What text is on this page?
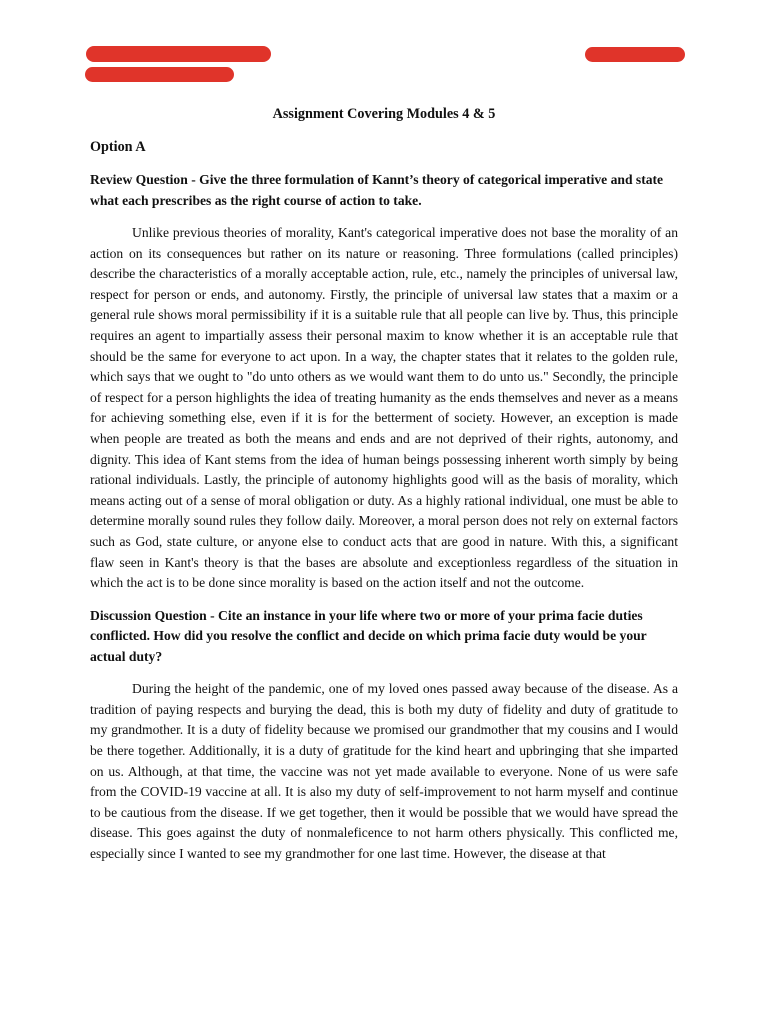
Assignment Covering Modules 4 & 5
Option A
Review Question - Give the three formulation of Kannt’s theory of categorical imperative and state what each prescribes as the right course of action to take.

Unlike previous theories of morality, Kant's categorical imperative does not base the morality of an action on its consequences but rather on its nature or reasoning. Three formulations (called principles) describe the characteristics of a morally acceptable action, rule, etc., namely the principles of universal law, respect for person or ends, and autonomy. Firstly, the principle of universal law states that a maxim or a general rule shows moral permissibility if it is a suitable rule that all people can live by. Thus, this principle requires an agent to impartially assess their personal maxim to know whether it is an acceptable rule that should be the same for everyone to act upon. In a way, the chapter states that it relates to the golden rule, which says that we ought to "do unto others as we would want them to do unto us." Secondly, the principle of respect for a person highlights the idea of treating humanity as the ends themselves and never as a means for achieving something else, even if it is for the betterment of society. However, an exception is made when people are treated as both the means and ends and are not deprived of their rights, autonomy, and dignity. This idea of Kant stems from the idea of human beings possessing inherent worth simply by being rational individuals. Lastly, the principle of autonomy highlights good will as the basis of morality, which means acting out of a sense of moral obligation or duty. As a highly rational individual, one must be able to determine morally sound rules they follow daily. Moreover, a moral person does not rely on external factors such as God, state culture, or anyone else to conduct acts that are good in nature. With this, a significant flaw seen in Kant's theory is that the bases are absolute and exceptionless regardless of the situation in which the act is to be done since morality is based on the action itself and not the outcome.

Discussion Question - Cite an instance in your life where two or more of your prima facie duties conflicted. How did you resolve the conflict and decide on which prima facie duty would be your actual duty?

During the height of the pandemic, one of my loved ones passed away because of the disease. As a tradition of paying respects and burying the dead, this is both my duty of fidelity and duty of gratitude to my grandmother. It is a duty of fidelity because we promised our grandmother that my cousins and I would be there together. Additionally, it is a duty of gratitude for the kind heart and upbringing that she imparted on us. Although, at that time, the vaccine was not yet made available to everyone. None of us were safe from the COVID-19 vaccine at all. It is also my duty of self-improvement to not harm myself and continue to be cautious from the disease. If we get together, then it would be possible that we would have spread the disease. This goes against the duty of nonmaleficence to not harm others physically. This conflicted me, especially since I wanted to see my grandmother for one last time. However, the disease at that
